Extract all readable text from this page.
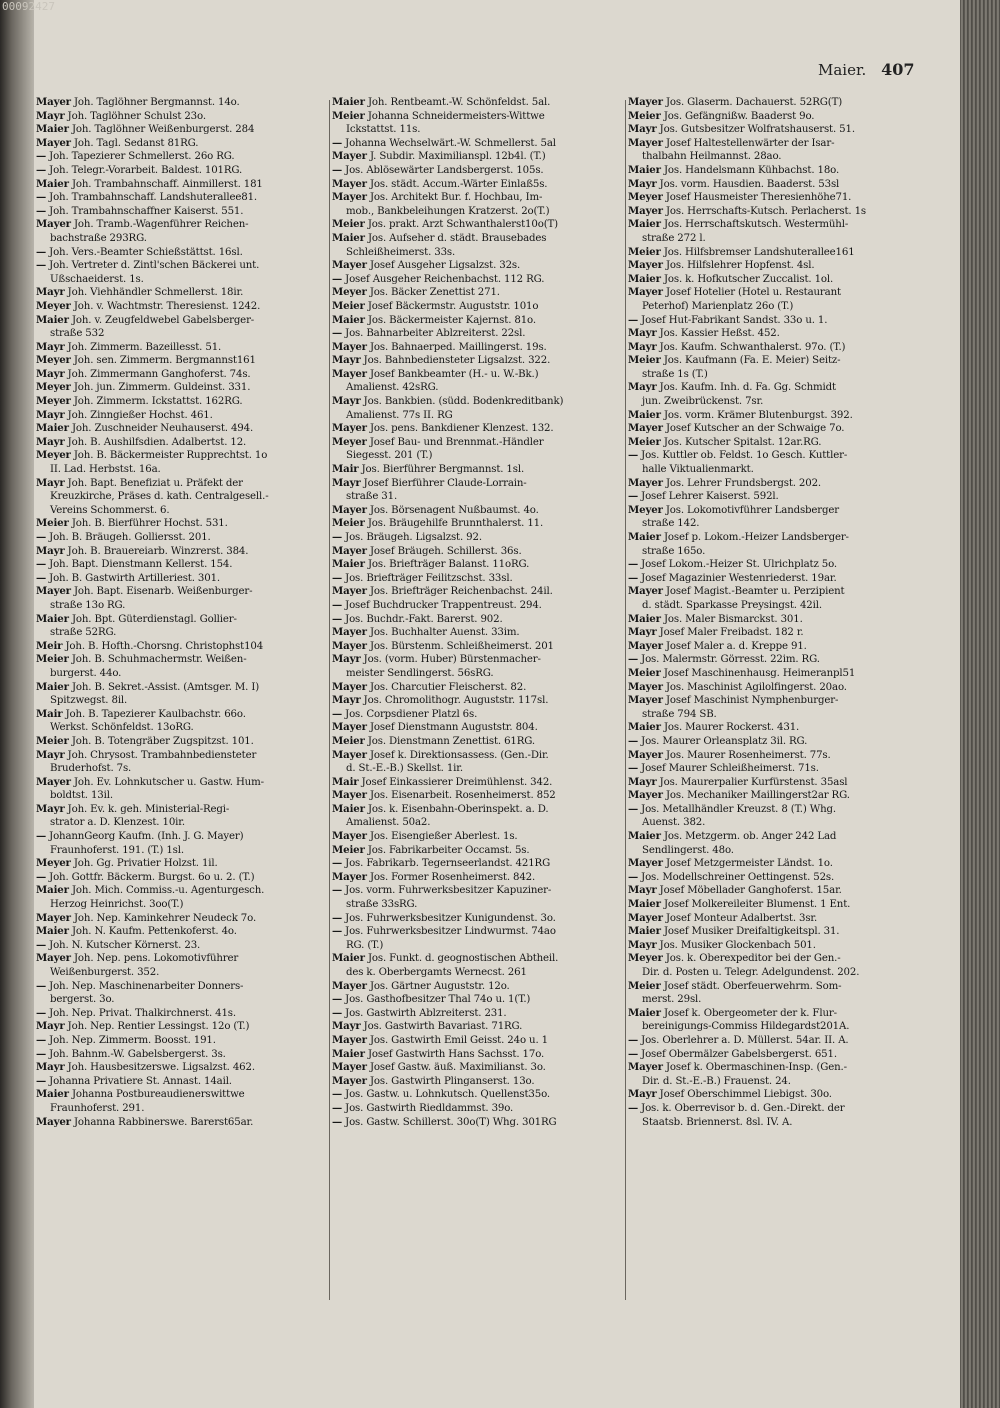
00092427
Maier. 407
Mayer Joh. Taglöhner Bergmannst. 14o.
Mayr Joh. Taglöhner Schulst 23o.
Maier Joh. Taglöhner Weißenburgerst. 284
Mayer Joh. Tagl. Sedanst 81RG.
— Joh. Tapezierer Schmellerst. 26o RG.
— Joh. Telegr.-Vorarbeit. Baldest. 101RG.
Maier Joh. Trambahnschaff. Ainmillerst. 181
— Joh. Trambahnschaff. Landshuterallee81.
— Joh. Trambahnschaffner Kaiserst. 551.
Mayer Joh. Tramb.-Wagenführer Reichen-
bachstraße 293RG.
— Joh. Vers.-Beamter Schießstättst. 16sl.
— Joh. Vertreter d. Zintl'schen Bäckerei unt.
Ußschaeiderst. 1s.
Mayr Joh. Viehhändler Schmellerst. 18ir.
Meyer Joh. v. Wachtmstr. Theresienst. 1242.
Maier Joh. v. Zeugfeldwebel Gabelsberger-
straße 532
Mayr Joh. Zimmerm. Bazeillesst. 51.
Meyer Joh. sen. Zimmerm. Bergmannst161
Mayr Joh. Zimmermann Ganghoferst. 74s.
Meyer Joh. jun. Zimmerm. Guldeinst. 331.
Meyer Joh. Zimmerm. Ickstattst. 162RG.
Mayr Joh. Zinngießer Hochst. 461.
Maier Joh. Zuschneider Neuhauserst. 494.
Mayr Joh. B. Aushilfsdien. Adalbertst. 12.
Meyer Joh. B. Bäckermeister Rupprechtst. 1o
II. Lad. Herbstst. 16a.
Mayr Joh. Bapt. Benefiziat u. Präfekt der
Kreuzkirche, Präses d. kath. Centralgesell.-
Vereins Schommerst. 6.
Meier Joh. B. Bierführer Hochst. 531.
— Joh. B. Bräugeh. Golliersst. 201.
Mayr Joh. B. Brauereiarb. Winzrerst. 384.
— Joh. Bapt. Dienstmann Kellerst. 154.
— Joh. B. Gastwirth Artilleriest. 301.
Mayer Joh. Bapt. Eisenarb. Weißenburger-
straße 13o RG.
Maier Joh. Bpt. Güterdienstagl. Gollier-
straße 52RG.
Meir Joh. B. Hofth.-Chorsng. Christophst104
Meier Joh. B. Schuhmachermstr. Weißen-
burgerst. 44o.
Maier Joh. B. Sekret.-Assist. (Amtsger. M. I)
Spitzwegst. 8il.
Mair Joh. B. Tapezierer Kaulbachstr. 66o.
Werkst. Schönfeldst. 13oRG.
Meier Joh. B. Totengräber Zugspitzst. 101.
Mayr Joh. Chrysost. Trambahnbediensteter
Bruderhofst. 7s.
Mayer Joh. Ev. Lohnkutscher u. Gastw. Hum-
boldtst. 13il.
Mayr Joh. Ev. k. geh. Ministerial-Regi-
strator a. D. Klenzest. 10ir.
— JohannGeorg Kaufm. (Inh. J. G. Mayer)
Fraunhoferst. 191. (T.) 1sl.
Meyer Joh. Gg. Privatier Holzst. 1il.
— Joh. Gottfr. Bäckerm. Burgst. 6o u. 2. (T.)
Maier Joh. Mich. Commiss.-u. Agenturgesch.
Herzog Heinrichst. 3oo(T.)
Mayer Joh. Nep. Kaminkehrer Neudeck 7o.
Maier Joh. N. Kaufm. Pettenkoferst. 4o.
— Joh. N. Kutscher Körnerst. 23.
Mayer Joh. Nep. pens. Lokomotivführer
Weißenburgerst. 352.
— Joh. Nep. Maschinenarbeiter Donners-
bergerst. 3o.
— Joh. Nep. Privat. Thalkirchnerst. 41s.
Mayr Joh. Nep. Rentier Lessingst. 12o (T.)
— Joh. Nep. Zimmerm. Boosst. 191.
— Joh. Bahnm.-W. Gabelsbergerst. 3s.
Mayr Joh. Hausbesitzerswe. Ligsalzst. 462.
— Johanna Privatiere St. Annast. 14ail.
Maier Johanna Postbureaudienerswittwe
Fraunhoferst. 291.
Mayer Johanna Rabbinerswe. Barerst65ar.
Maier Joh. Rentbeamt.-W. Schönfeldst. 5al.
Meier Johanna Schneidermeisters-Wittwe
Ickstattst. 11s.
— Johanna Wechselwärt.-W. Schmellerst. 5al
Mayer J. Subdir. Maximilianspl. 12b4l. (T.)
— Jos. Ablösewärter Landsbergerst. 105s.
Mayer Jos. städt. Accum.-Wärter Einlaß5s.
Mayer Jos. Architekt Bur. f. Hochbau, Im-
mob., Bankbeleihungen Kratzerst. 2o(T.)
Meier Jos. prakt. Arzt Schwanthalerst10o(T)
Maier Jos. Aufseher d. städt. Brausebades
Schleißheimerst. 33s.
Mayer Josef Ausgeher Ligsalzst. 32s.
— Josef Ausgeher Reichenbachst. 112 RG.
Meyer Jos. Bäcker Zenettist 271.
Meier Josef Bäckermstr. Auguststr. 101o
Maier Jos. Bäckermeister Kajernst. 81o.
— Jos. Bahnarbeiter Ablzreiterst. 22sl.
Mayer Jos. Bahnaerped. Maillingerst. 19s.
Mayr Jos. Bahnbediensteter Ligsalzst. 322.
Mayer Josef Bankbeamter (H.- u. W.-Bk.)
Amalienst. 42sRG.
Mayr Jos. Bankbien. (südd. Bodenkreditbank)
Amalienst. 77s II. RG
Mayer Jos. pens. Bankdiener Klenzest. 132.
Meyer Josef Bau- und Brennmat.-Händler
Siegesst. 201 (T.)
Mair Jos. Bierführer Bergmannst. 1sl.
Mayr Josef Bierführer Claude-Lorrain-
straße 31.
Mayer Jos. Börsenagent Nußbaumst. 4o.
Meier Jos. Bräugehilfe Brunnthalerst. 11.
— Jos. Bräugeh. Ligsalzst. 92.
Mayer Josef Bräugeh. Schillerst. 36s.
Maier Jos. Briefträger Balanst. 11oRG.
— Jos. Briefträger Feilitzschst. 33sl.
Mayer Jos. Briefträger Reichenbachst. 24il.
— Josef Buchdrucker Trappentreust. 294.
— Jos. Buchdr.-Fakt. Barerst. 902.
Mayer Jos. Buchhalter Auenst. 33im.
Mayer Jos. Bürstenm. Schleißheimerst. 201
Mayr Jos. (vorm. Huber) Bürstenmacher-
meister Sendlingerst. 56sRG.
Mayer Jos. Charcutier Fleischerst. 82.
Mayr Jos. Chromolithogr. Auguststr. 117sl.
— Jos. Corpsdiener Platzl 6s.
Mayer Josef Dienstmann Auguststr. 804.
Meier Jos. Dienstmann Zenettist. 61RG.
Mayer Josef k. Direktionsassess. (Gen.-Dir.
d. St.-E.-B.) Skellst. 1ir.
Mair Josef Einkassierer Dreimühlenst. 342.
Mayer Jos. Eisenarbeit. Rosenheimerst. 852
Maier Jos. k. Eisenbahn-Oberinspekt. a. D.
Amalienst. 50a2.
Mayer Jos. Eisengießer Aberlest. 1s.
Meier Jos. Fabrikarbeiter Occamst. 5s.
— Jos. Fabrikarb. Tegernseerlandst. 421RG
Mayer Jos. Former Rosenheimerst. 842.
— Jos. vorm. Fuhrwerksbesitzer Kapuziner-
straße 33sRG.
— Jos. Fuhrwerksbesitzer Kunigundenst. 3o.
— Jos. Fuhrwerksbesitzer Lindwurmst. 74ao
RG. (T.)
Maier Jos. Funkt. d. geognostischen Abtheil.
des k. Oberbergamts Wernecst. 261
Mayer Jos. Gärtner Auguststr. 12o.
— Jos. Gasthofbesitzer Thal 74o u. 1(T.)
— Jos. Gastwirth Ablzreiterst. 231.
Mayr Jos. Gastwirth Bavariast. 71RG.
Mayer Jos. Gastwirth Emil Geisst. 24o u. 1
Maier Josef Gastwirth Hans Sachsst. 17o.
Mayer Josef Gastw. äuß. Maximilianst. 3o.
Mayer Jos. Gastwirth Plinganserst. 13o.
— Jos. Gastw. u. Lohnkutsch. Quellenst35o.
— Jos. Gastwirth Riedldammst. 39o.
— Jos. Gastw. Schillerst. 30o(T) Whg. 301RG
Mayer Jos. Glaserm. Dachauerst. 52RG(T)
Meier Jos. Gefängnißw. Baaderst 9o.
Mayr Jos. Gutsbesitzer Wolfratshauserst. 51.
Mayer Josef Haltestellenwärter der Isar-
thalbahn Heilmannst. 28ao.
Maier Jos. Handelsmann Kühbachst. 18o.
Mayr Jos. vorm. Hausdien. Baaderst. 53sl
Meyer Josef Hausmeister Theresienhöhe71.
Mayer Jos. Herrschafts-Kutsch. Perlacherst. 1s
Maier Jos. Herrschaftskutsch. Westermühl-
straße 272 l.
Meier Jos. Hilfsbremser Landshuterallee161
Mayer Jos. Hilfslehrer Hopfenst. 4sl.
Maier Jos. k. Hofkutscher Zuccalist. 1ol.
Mayer Josef Hotelier (Hotel u. Restaurant
Peterhof) Marienplatz 26o (T.)
— Josef Hut-Fabrikant Sandst. 33o u. 1.
Mayr Jos. Kassier Heßst. 452.
Mayr Jos. Kaufm. Schwanthalerst. 97o. (T.)
Meier Jos. Kaufmann (Fa. E. Meier) Seitz-
straße 1s (T.)
Mayr Jos. Kaufm. Inh. d. Fa. Gg. Schmidt
jun. Zweibrückenst. 7sr.
Maier Jos. vorm. Krämer Blutenburgst. 392.
Mayer Josef Kutscher an der Schwaige 7o.
Meier Jos. Kutscher Spitalst. 12ar.RG.
— Jos. Kuttler ob. Feldst. 1o Gesch. Kuttler-
halle Viktualienmarkt.
Mayer Jos. Lehrer Frundsbergst. 202.
— Josef Lehrer Kaiserst. 592l.
Meyer Jos. Lokomotivführer Landsberger
straße 142.
Maier Josef p. Lokom.-Heizer Landsberger-
straße 165o.
— Josef Lokom.-Heizer St. Ulrichplatz 5o.
— Josef Magazinier Westenriederst. 19ar.
Mayer Josef Magist.-Beamter u. Perzipient
d. städt. Sparkasse Preysingst. 42il.
Maier Jos. Maler Bismarckst. 301.
Mayr Josef Maler Freibadst. 182 r.
Mayer Josef Maler a. d. Kreppe 91.
— Jos. Malermstr. Görresst. 22im. RG.
Meier Josef Maschinenhausg. Heimeranpl51
Mayer Jos. Maschinist Agilolfingerst. 20ao.
Mayer Josef Maschinist Nymphenburger-
straße 794 SB.
Maier Jos. Maurer Rockerst. 431.
— Jos. Maurer Orleansplatz 3il. RG.
Mayer Jos. Maurer Rosenheimerst. 77s.
— Josef Maurer Schleißheimerst. 71s.
Mayr Jos. Maurerpalier Kurfürstenst. 35asl
Mayer Jos. Mechaniker Maillingerst2ar RG.
— Jos. Metallhändler Kreuzst. 8 (T.) Whg.
Auenst. 382.
Maier Jos. Metzgerm. ob. Anger 242 Lad
Sendlingerst. 48o.
Mayer Josef Metzgermeister Ländst. 1o.
— Jos. Modellschreiner Oettingenst. 52s.
Mayr Josef Möbellader Ganghoferst. 15ar.
Maier Josef Molkereileiter Blumenst. 1 Ent.
Mayer Josef Monteur Adalbertst. 3sr.
Maier Josef Musiker Dreifaltigkeitspl. 31.
Mayr Jos. Musiker Glockenbach 501.
Meyer Jos. k. Oberexpeditor bei der Gen.-
Dir. d. Posten u. Telegr. Adelgundenst. 202.
Meier Josef städt. Oberfeuerwehrm. Som-
merst. 29sl.
Maier Josef k. Obergeometer der k. Flur-
bereinigungs-Commiss Hildegardst201A.
— Jos. Oberlehrer a. D. Müllerst. 54ar. II. A.
— Josef Obermälzer Gabelsbergerst. 651.
Mayer Josef k. Obermaschinen-Insp. (Gen.-
Dir. d. St.-E.-B.) Frauenst. 24.
Mayr Josef Oberschimmel Liebigst. 30o.
— Jos. k. Oberrevisor b. d. Gen.-Direkt. der
Staatsb. Briennerst. 8sl. IV. A.
